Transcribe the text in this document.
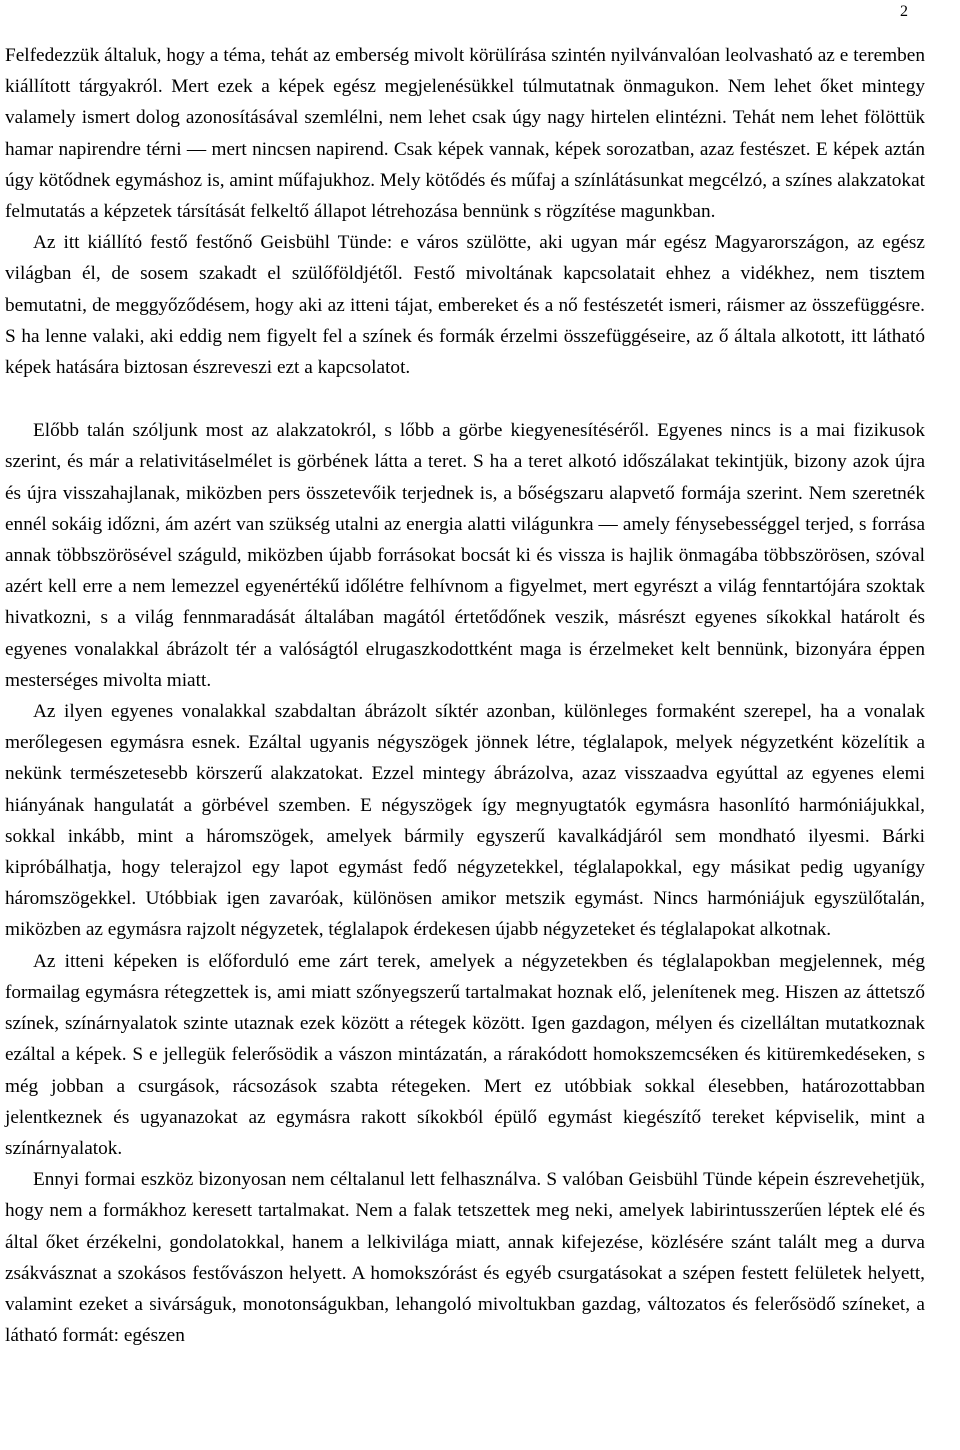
2

Felfedezzük általuk, hogy a téma, tehát az emberség mivolt körülírása szintén nyilvánvalóan leolvasható az e teremben kiállított tárgyakról. Mert ezek a képek egész megjelenésükkel túlmutatnak önmagukon. Nem lehet őket mintegy valamely ismert dolog azonosításával szemlélni, nem lehet csak úgy nagy hirtelen elintézni. Tehát nem lehet fölöttük hamar napirendre térni — mert nincsen napirend. Csak képek vannak, képek sorozatban, azaz festészet. E képek aztán úgy kötődnek egymáshoz is, amint műfajukhoz. Mely kötődés és műfaj a színlátásunkat megcélzó, a színes alakzatokat felmutatás a képzetek társítását felkeltő állapot létrehozása bennünk s rögzítése magunkban.

Az itt kiállító festő festőnő Geisbühl Tünde: e város szülötte, aki ugyan már egész Magyarországon, az egész világban él, de sosem szakadt el szülőföldjétől. Festő mivoltának kapcsolatait ehhez a vidékhez, nem tisztem bemutatni, de meggyőződésem, hogy aki az itteni tájat, embereket és a nő festészetét ismeri, ráismer az összefüggésre. S ha lenne valaki, aki eddig nem figyelt fel a színek és formák érzelmi összefüggéseire, az ő általa alkotott, itt látható képek hatására biztosan észreveszi ezt a kapcsolatot.

Előbb talán szóljunk most az alakzatokról, s lőbb a görbe kiegyenesítéséről. Egyenes nincs is a mai fizikusok szerint, és már a relativitáselmélet is görbének látta a teret. S ha a teret alkotó időszálakat tekintjük, bizony azok újra és újra visszahajlanak, miközben pers összetevőik terjednek is, a bőségszaru alapvető formája szerint. Nem szeretnék ennél sokáig időzni, ám azért van szükség utalni az energia alatti világunkra — amely fénysebességgel terjed, s forrása annak többszörösével száguld, miközben újabb forrásokat bocsát ki és vissza is hajlik önmagába többszörösen, szóval azért kell erre a nem lemezzel egyenértékű időlétre felhívnom a figyelmet, mert egyrészt a világ fenntartójára szoktak hivatkozni, s a világ fennmaradását általában magától értetődőnek veszik, másrészt egyenes síkokkal határolt és egyenes vonalakkal ábrázolt tér a valóságtól elrugaszkodottként maga is érzelmeket kelt bennünk, bizonyára éppen mesterséges mivolta miatt.

Az ilyen egyenes vonalakkal szabdaltan ábrázolt síktér azonban, különleges formaként szerepel, ha a vonalak merőlegesen egymásra esnek. Ezáltal ugyanis négyszögek jönnek létre, téglalapok, melyek négyzetként közelítik a nekünk természetesebb körszerű alakzatokat. Ezzel mintegy ábrázolva, azaz visszaadva egyúttal az egyenes elemi hiányának hangulatát a görbével szemben. E négyszögek így megnyugtatók egymásra hasonlító harmóniájukkal, sokkal inkább, mint a háromszögek, amelyek bármily egyszerű kavalkádjáról sem mondható ilyesmi. Bárki kipróbálhatja, hogy telerajzol egy lapot egymást fedő négyzetekkel, téglalapokkal, egy másikat pedig ugyanígy háromszögekkel. Utóbbiak igen zavaróak, különösen amikor metszik egymást. Nincs harmóniájuk egyszülőtalán, miközben az egymásra rajzolt négyzetek, téglalapok érdekesen újabb négyzeteket és téglalapokat alkotnak.

Az itteni képeken is előforduló eme zárt terek, amelyek a négyzetekben és téglalapokban megjelennek, még formailag egymásra rétegzettek is, ami miatt szőnyegszerű tartalmakat hoznak elő, jelenítenek meg. Hiszen az áttetsző színek, színárnyalatok szinte utaznak ezek között a rétegek között. Igen gazdagon, mélyen és cizelláltan mutatkoznak ezáltal a képek. S e jellegük felerősödik a vászon mintázatán, a rárakódott homokszemcséken és kitüremkedéseken, s még jobban a csurgások, rácsozások szabta rétegeken. Mert ez utóbbiak sokkal élesebben, határozottabban jelentkeznek és ugyanazokat az egymásra rakott síkokból épülő egymást kiegészítő tereket képviselik, mint a színárnyalatok.

Ennyi formai eszköz bizonyosan nem céltalanul lett felhasználva. S valóban Geisbühl Tünde képein észrevehetjük, hogy nem a formákhoz keresett tartalmakat. Nem a falak tetszettek meg neki, amelyek labirintusszerűen léptek elé és által őket érzékelni, gondolatokkal, hanem a lelkivilága miatt, annak kifejezése, közlésére szánt talált meg a durva zsákvásznat a szokásos festővászon helyett. A homokszórást és egyéb csurgatásokat a szépen festett felületek helyett, valamint ezeket a sivárságuk, monotonságukban, lehangoló mivoltukban gazdag, változatos és felerősödő színeket, a látható formát: egészen
